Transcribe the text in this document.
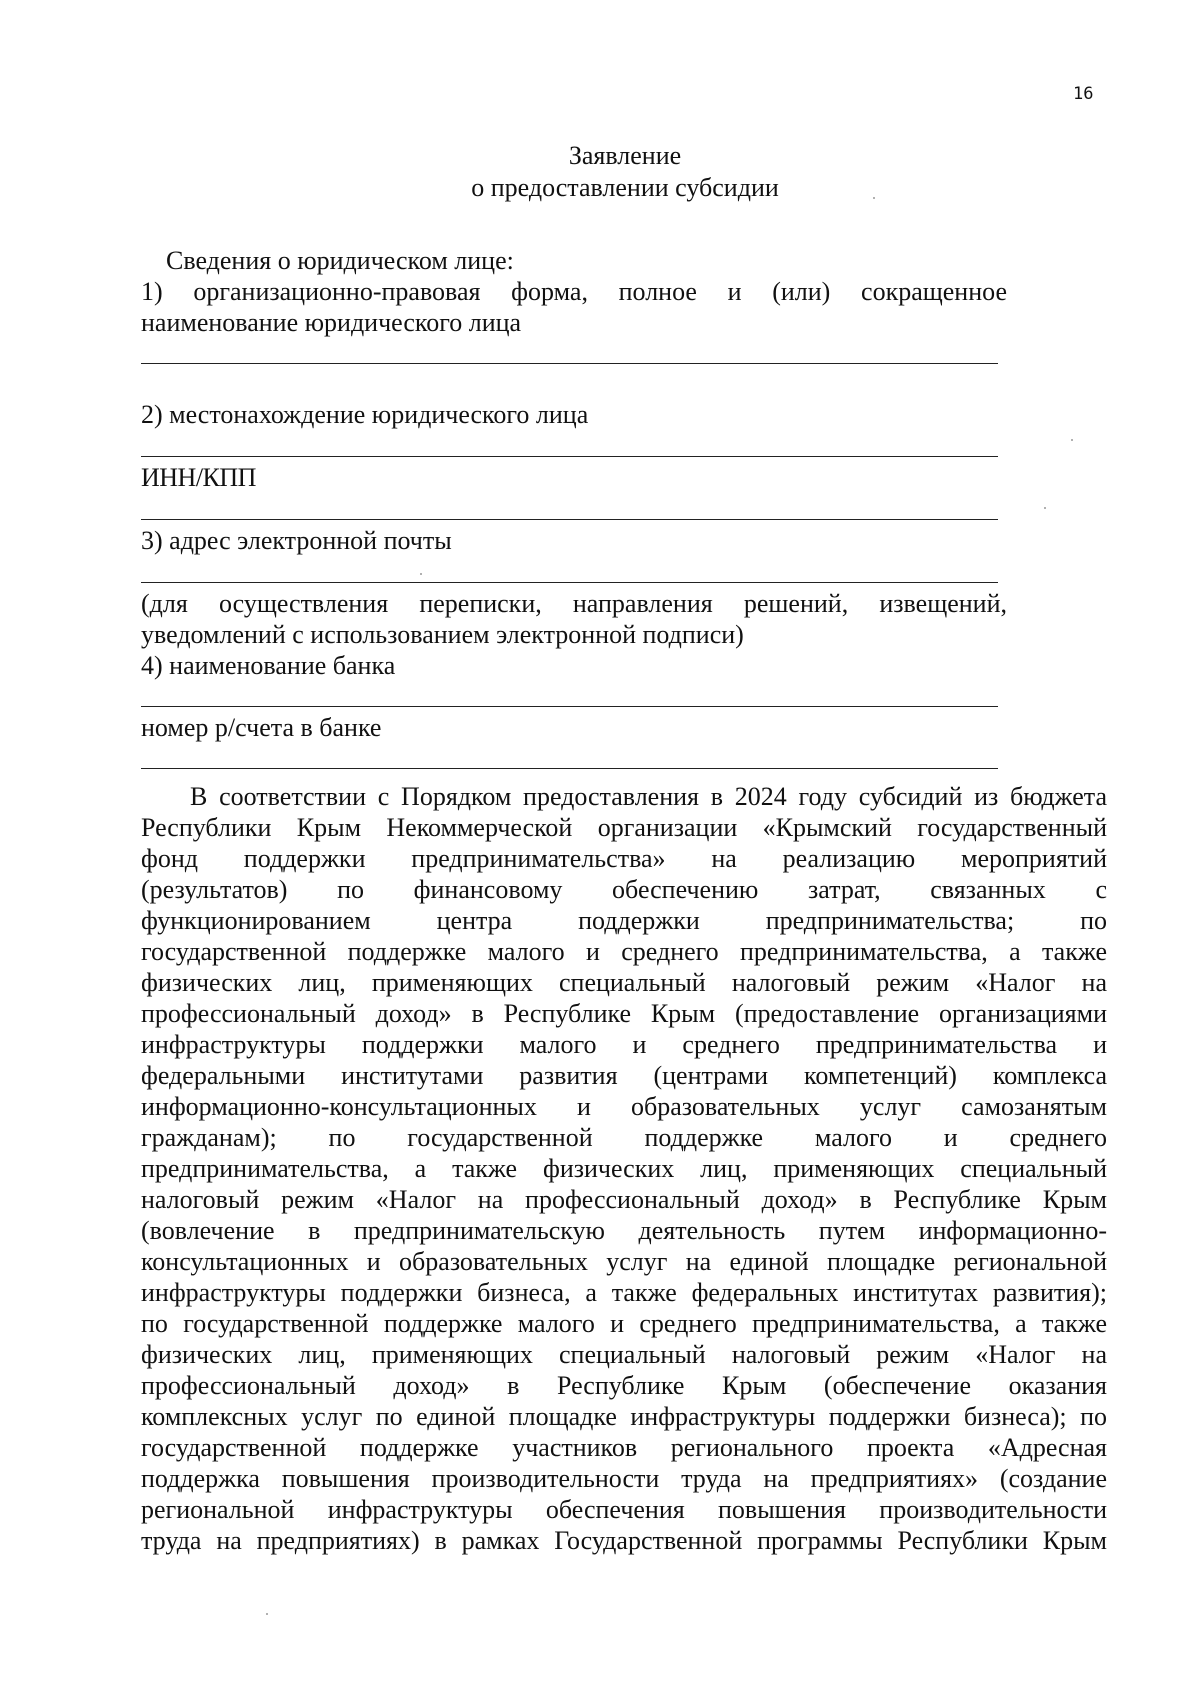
16
Заявление
о предоставлении субсидии
Сведения о юридическом лице:
1) организационно-правовая форма, полное и (или) сокращенное
наименование юридического лица
2) местонахождение юридического лица
ИНН/КПП
3) адрес электронной почты
(для осуществления переписки, направления решений, извещений,
уведомлений с использованием электронной подписи)
4) наименование банка
номер р/счета в банке
В соответствии с Порядком предоставления в 2024 году субсидий из бюджета
Республики Крым Некоммерческой организации «Крымский государственный
фонд поддержки предпринимательства» на реализацию мероприятий
(результатов) по финансовому обеспечению затрат, связанных с
функционированием центра поддержки предпринимательства; по
государственной поддержке малого и среднего предпринимательства, а также
физических лиц, применяющих специальный налоговый режим «Налог на
профессиональный доход» в Республике Крым (предоставление организациями
инфраструктуры поддержки малого и среднего предпринимательства и
федеральными институтами развития (центрами компетенций) комплекса
информационно-консультационных и образовательных услуг самозанятым
гражданам); по государственной поддержке малого и среднего
предпринимательства, а также физических лиц, применяющих специальный
налоговый режим «Налог на профессиональный доход» в Республике Крым
(вовлечение в предпринимательскую деятельность путем информационно-
консультационных и образовательных услуг на единой площадке региональной
инфраструктуры поддержки бизнеса, а также федеральных институтах развития);
по государственной поддержке малого и среднего предпринимательства, а также
физических лиц, применяющих специальный налоговый режим «Налог на
профессиональный доход» в Республике Крым (обеспечение оказания
комплексных услуг по единой площадке инфраструктуры поддержки бизнеса); по
государственной поддержке участников регионального проекта «Адресная
поддержка повышения производительности труда на предприятиях» (создание
региональной инфраструктуры обеспечения повышения производительности
труда на предприятиях) в рамках Государственной программы Республики Крым
